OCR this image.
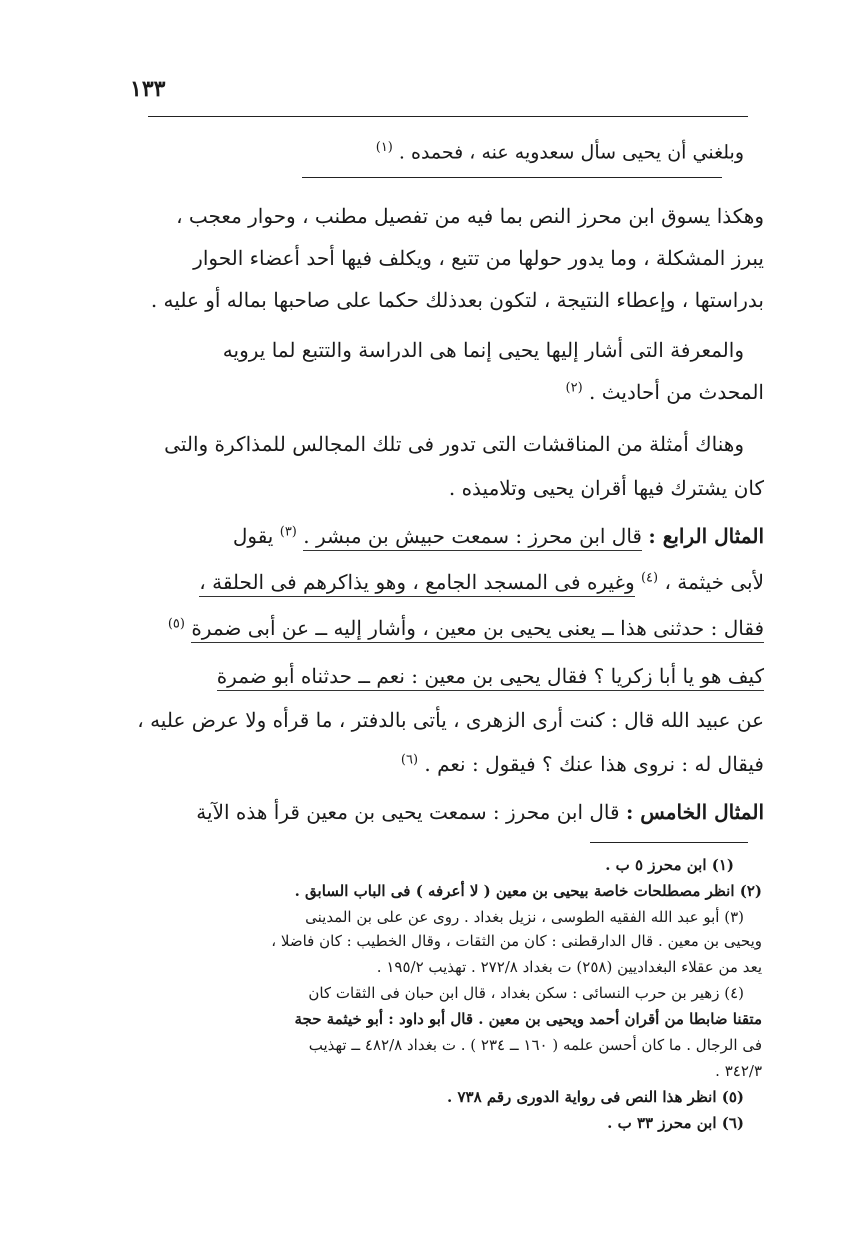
١٣٣
وبلغني أن يحيى سأل سعدويه عنه ، فحمده . $^{(١)}$
وهكذا يسوق ابن محرز النص بما فيه من تفصيل مطنب ، وحوار معجب ،
يبرز المشكلة ، وما يدور حولها من تتبع ، ويكلف فيها أحد أعضاء الحوار
بدراستها ، وإعطاء النتيجة ، لتكون بعدذلك حكما على صاحبها بماله أو عليه .
والمعرفة التى أشار إليها يحيى إنما هى الدراسة والتتبع لما يرويه
المحدث من أحاديث . $^{(٢)}$
وهناك أمثلة من المناقشات التى تدور فى تلك المجالس للمذاكرة والتى
كان يشترك فيها أقران يحيى وتلاميذه .
المثال الرابع : قال ابن محرز : سمعت حبيش بن مبشر . $^{(٣)}$ يقول
لأبى خيثمة ، $^{(٤)}$ وغيره فى المسجد الجامع ، وهو يذاكرهم فى الحلقة ،
فقال : حدثنى هذا ــ يعنى يحيى بن معين ، وأشار إليه ــ عن أبى ضمرة $^{(٥)}$
كيف هو يا أبا زكريا ؟ فقال يحيى بن معين : نعم ــ حدثناه أبو ضمرة
عن عبيد الله قال : كنت أرى الزهرى ، يأتى بالدفتر ، ما قرأه ولا عرض عليه ،
فيقال له : نروى هذا عنك ؟ فيقول : نعم . $^{(٦)}$
المثال الخامس : قال ابن محرز : سمعت يحيى بن معين قرأ هذه الآية
(١) ابن محرز ٥ ب .
(٢) انظر مصطلحات خاصة بيحيى بن معين ( لا أعرفه ) فى الباب السابق .
(٣) أبو عبد الله الفقيه الطوسى ، نزيل بغداد . روى عن على بن المدينى
ويحيى بن معين . قال الدارقطنى : كان من الثقات ، وقال الخطيب : كان فاضلا ،
يعد من عقلاء البغداديين (٢٥٨) ت بغداد ٢٧٢/٨ . تهذيب ١٩٥/٢ .
(٤) زهير بن حرب النسائى : سكن بغداد ، قال ابن حبان فى الثقات كان
متقنا ضابطا من أقران أحمد ويحيى بن معين . قال أبو داود : أبو خيثمة حجة
فى الرجال . ما كان أحسن علمه ( ١٦٠ ــ ٢٣٤ ) . ت بغداد ٤٨٢/٨ ــ تهذيب
٣٤٢/٣ .
(٥) انظر هذا النص فى رواية الدورى رقم ٧٣٨ .
(٦) ابن محرز ٣٣ ب .
